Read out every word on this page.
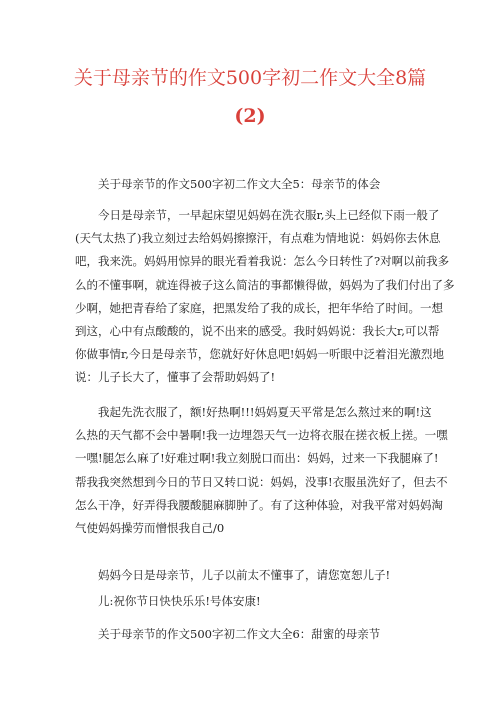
关于母亲节的作文500字初二作文大全8篇
(2)

关于母亲节的作文500字初二作文大全5：母亲节的体会

今日是母亲节，一早起床望见妈妈在洗衣服r,头上已经似下雨一般了
(天气太热了)我立刻过去给妈妈擦擦汗，有点难为情地说：妈妈你去休息
吧，我来洗。妈妈用惊异的眼光看着我说：怎么今日转性了?对啊以前我多
么的不懂事啊，就连得被子这么简洁的事都懒得做，妈妈为了我们付出了多
少啊，她把青春给了家庭，把黑发给了我的成长，把年华给了时间。一想
到这，心中有点酸酸的，说不出来的感受。我时妈妈说：我长大r,可以帮
你做事情r,今日是母亲节，您就好好休息吧!妈妈一听眼中泛着泪光激烈地
说：儿子长大了，懂事了会帮助妈妈了!

我起先洗衣服了，额!好热啊!!!妈妈夏天平常是怎么熬过来的啊!这
么热的天气都不会中暑啊!我一边埋怨天气一边将衣服在搓衣板上搓。一嘿
一嘿!腿怎么麻了!好难过啊!我立刻脱口而出：妈妈，过来一下我腿麻了!
帮我我突然想到今日的节日又转口说：妈妈，没事!衣服虽洗好了，但去不
怎么干净，好弄得我腰酸腿麻脚肿了。有了这种体验，对我平常对妈妈淘
气使妈妈操劳而憎恨我自己/0

妈妈今日是母亲节，儿子以前太不懂事了，请您宽恕儿子!

儿:祝你节日快快乐乐!号体安康!

关于母亲节的作文500字初二作文大全6：甜蜜的母亲节
